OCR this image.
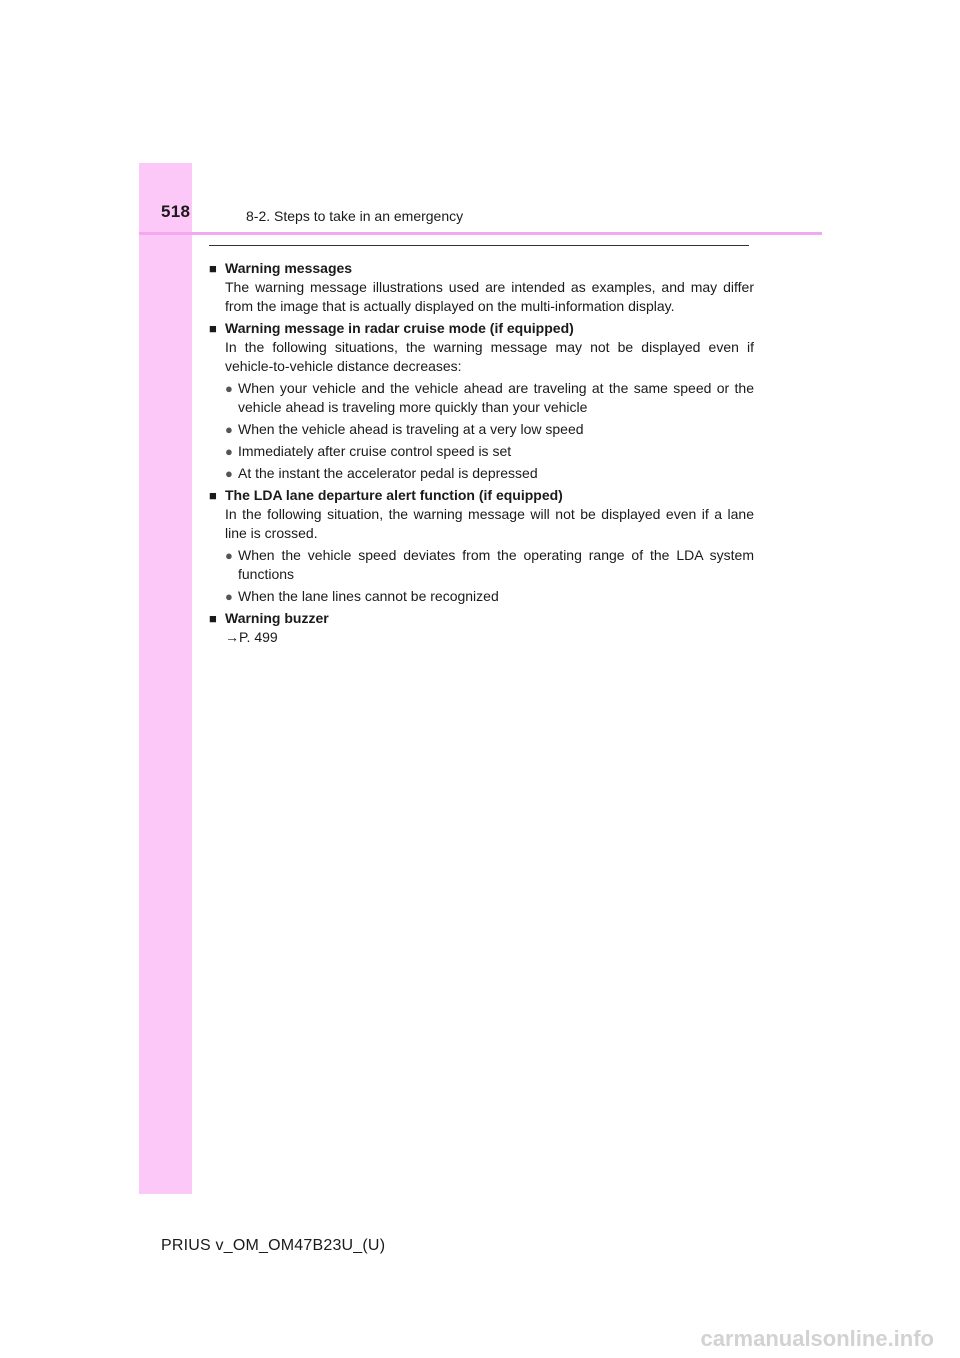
518	8-2. Steps to take in an emergency
■ Warning messages
The warning message illustrations used are intended as examples, and may differ from the image that is actually displayed on the multi-information display.
■ Warning message in radar cruise mode (if equipped)
In the following situations, the warning message may not be displayed even if vehicle-to-vehicle distance decreases:
● When your vehicle and the vehicle ahead are traveling at the same speed or the vehicle ahead is traveling more quickly than your vehicle
● When the vehicle ahead is traveling at a very low speed
● Immediately after cruise control speed is set
● At the instant the accelerator pedal is depressed
■ The LDA lane departure alert function (if equipped)
In the following situation, the warning message will not be displayed even if a lane line is crossed.
● When the vehicle speed deviates from the operating range of the LDA system functions
● When the lane lines cannot be recognized
■ Warning buzzer
→P. 499
PRIUS v_OM_OM47B23U_(U)
carmanualsonline.info
